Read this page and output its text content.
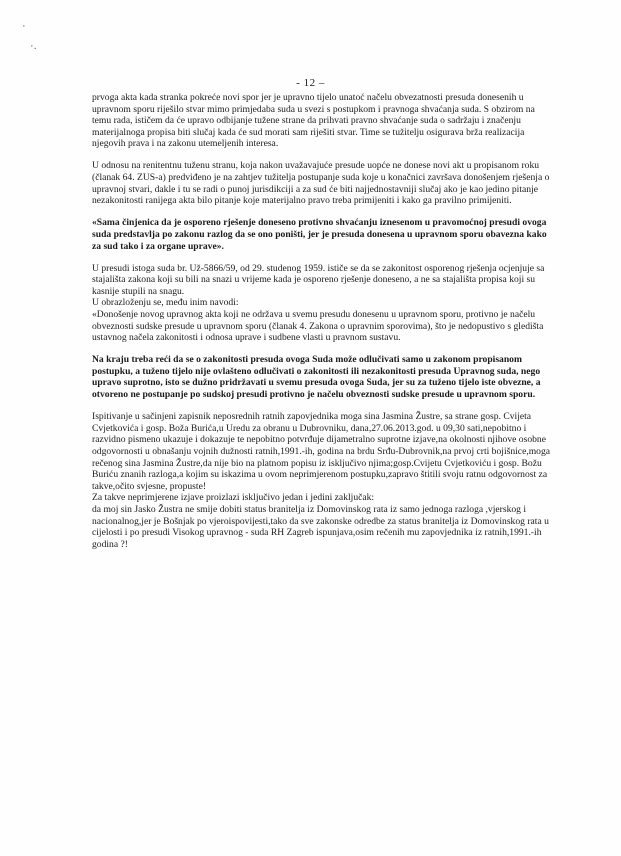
·
·.
- 12 –

prvoga akta kada stranka pokreće novi spor jer je upravno tijelo unatoć načelu obvezatnosti presuda donesenih u upravnom sporu riješilo stvar mimo primjedaba suda u svezi s postupkom i pravnoga shvaćanja suda. S obzirom na temu rada, ističem da će upravo odbijanje tužene strane da prihvati pravno shvaćanje suda o sadržaju i značenju materijalnoga propisa biti slučaj kada će sud morati sam riješiti stvar. Time se tužitelju osigurava brža realizacija njegovih prava i na zakonu utemeljenih interesa.

U odnosu na renitentnu tuženu stranu, koja nakon uvažavajuće presude uopće ne donese novi akt u propisanom roku (članak 64. ZUS-a) predviđeno je na zahtjev tužitelja postupanje suda koje u konačnici završava donošenjem rješenja o upravnoj stvari, dakle i tu se radi o punoj jurisdikciji a za sud će biti najjednostavniji slučaj ako je kao jedino pitanje nezakonitosti ranijega akta bilo pitanje koje materijalno pravo treba primijeniti i kako ga pravilno primijeniti.

«Sama činjenica da je osporeno rješenje doneseno protivno shvaćanju iznesenom u pravomoćnoj presudi ovoga suda predstavlja po zakonu razlog da se ono poništi, jer je presuda donesena u upravnom sporu obavezna kako za sud tako i za organe uprave».

U presudi istoga suda br. Už-5866/59, od 29. studenog 1959. ističe se da se zakonitost osporenog rješenja ocjenjuje sa stajališta zakona koji su bili na snazi u vrijeme kada je osporeno rješenje doneseno, a ne sa stajališta propisa koji su kasnije stupili na snagu.

U obrazloženju se, među inim navodi:

«Donošenje novog upravnog akta koji ne održava u svemu presudu donesenu u upravnom sporu, protivno je načelu obveznosti sudske presude u upravnom sporu (članak 4. Zakona o upravnim sporovima), što je nedopustivo s gledišta ustavnog načela zakonitosti i odnosa uprave i sudbene vlasti u pravnom sustavu.

Na kraju treba reći da se o zakonitosti presuda ovoga Suda može odlučivati samo u zakonom propisanom postupku, a tuženo tijelo nije ovlašteno odlučivati o zakonitosti ili nezakonitosti presuda Upravnog suda, nego upravo suprotno, isto se dužno pridržavati u svemu presuda ovoga Suda, jer su za tuženo tijelo iste obvezne, a otvoreno ne postupanje po sudskoj presudi protivno je načelu obveznosti sudske presude u upravnom sporu.

Ispitivanje u sačinjeni zapisnik neposrednih ratnih zapovjednika moga sina Jasmina Žustre, sa strane gosp. Cvijeta Cvjetkovića i gosp. Boža Burića,u Uredu za obranu u Dubrovniku, dana,27.06.2013.god. u 09,30 sati,nepobitno i razvidno pismeno ukazuje i dokazuje te nepobitno potvrđuje dijametralno suprotne izjave,na okolnosti njihove osobne odgovornosti u obnašanju vojnih dužnosti ratnih,1991.-ih, godina na brdu Srđu-Dubrovnik,na prvoj crti bojišnice,moga rečenog sina Jasmina Žustre,da nije bio na platnom popisu iz isključivo njima;gosp.Cvijetu Cvjetkoviću i gosp. Božu Buriću znanih razloga,a kojim su iskazima u ovom neprimjerenom postupku,zapravo štitili svoju ratnu odgovornost za takve,očito svjesne, propuste!

Za takve neprimjerene izjave proizlazi isključivo jedan i jedini zaključak:

da moj sin Jasko Žustra ne smije dobiti status branitelja iz Domovinskog rata iz samo jednoga razloga ,vjerskog i nacionalnog,jer je Bošnjak po vjeroispovijesti,tako da sve zakonske odredbe za status branitelja iz Domovinskog rata u cijelosti i po presudi Visokog upravnog - suda RH Zagreb ispunjava,osim rečenih mu zapovjednika iz ratnih,1991.-ih godina ?!
